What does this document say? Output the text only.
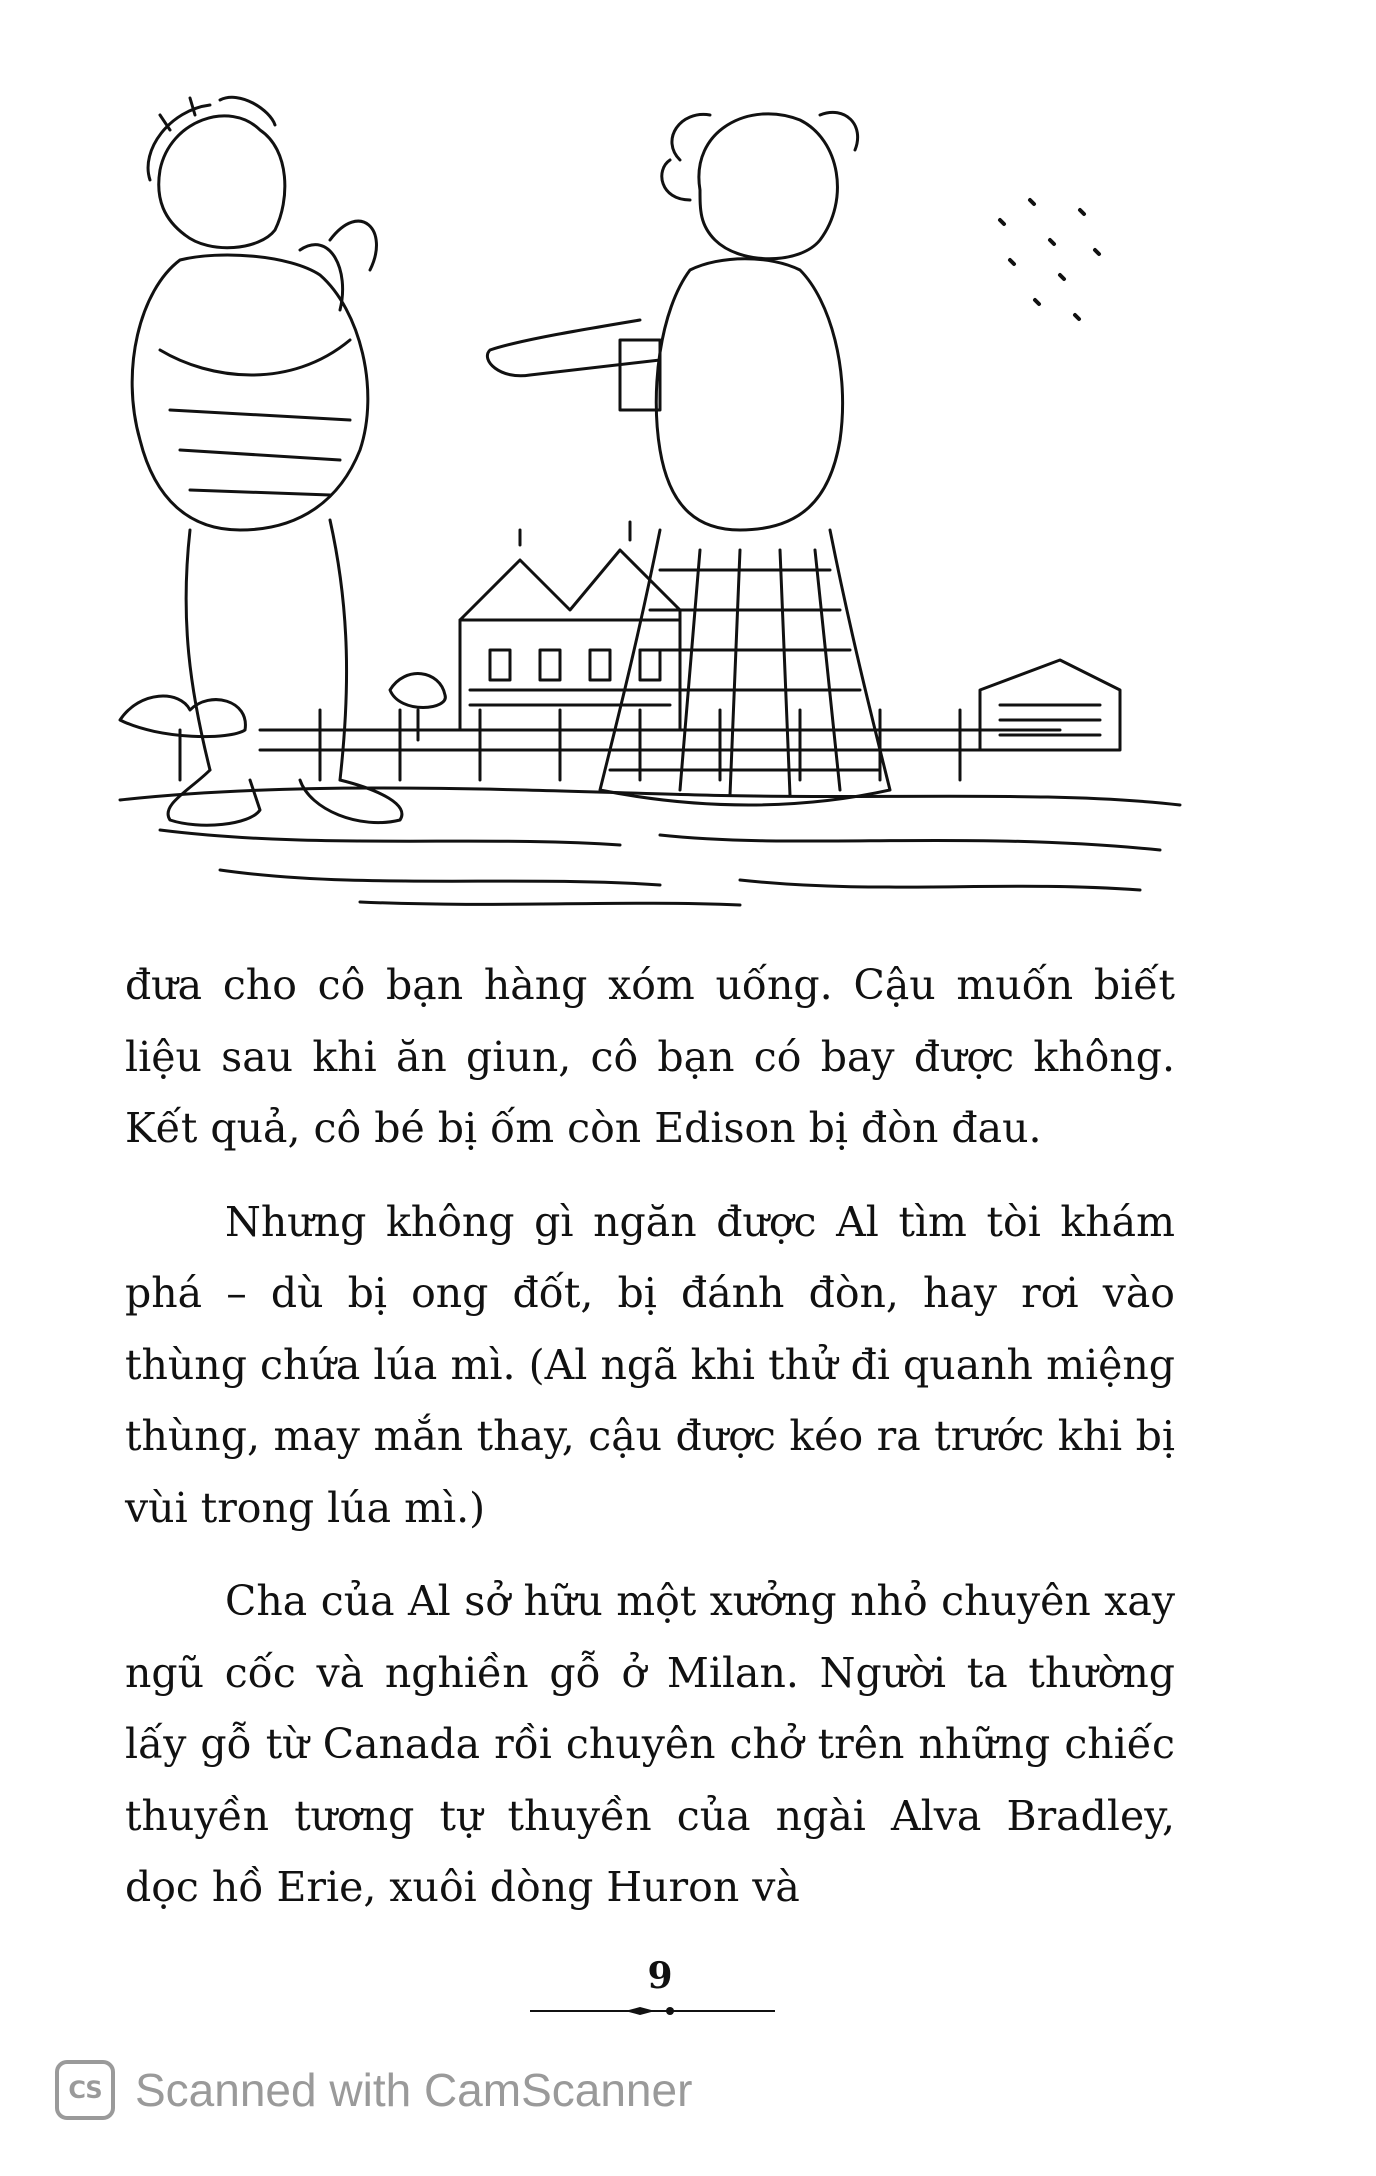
đưa cho cô bạn hàng xóm uống. Cậu muốn biết liệu sau khi ăn giun, cô bạn có bay được không. Kết quả, cô bé bị ốm còn Edison bị đòn đau.

Nhưng không gì ngăn được Al tìm tòi khám phá – dù bị ong đốt, bị đánh đòn, hay rơi vào thùng chứa lúa mì. (Al ngã khi thử đi quanh miệng thùng, may mắn thay, cậu được kéo ra trước khi bị vùi trong lúa mì.)

Cha của Al sở hữu một xưởng nhỏ chuyên xay ngũ cốc và nghiền gỗ ở Milan. Người ta thường lấy gỗ từ Canada rồi chuyên chở trên những chiếc thuyền tương tự thuyền của ngài Alva Bradley, dọc hồ Erie, xuôi dòng Huron và

9
CS Scanned with CamScanner
